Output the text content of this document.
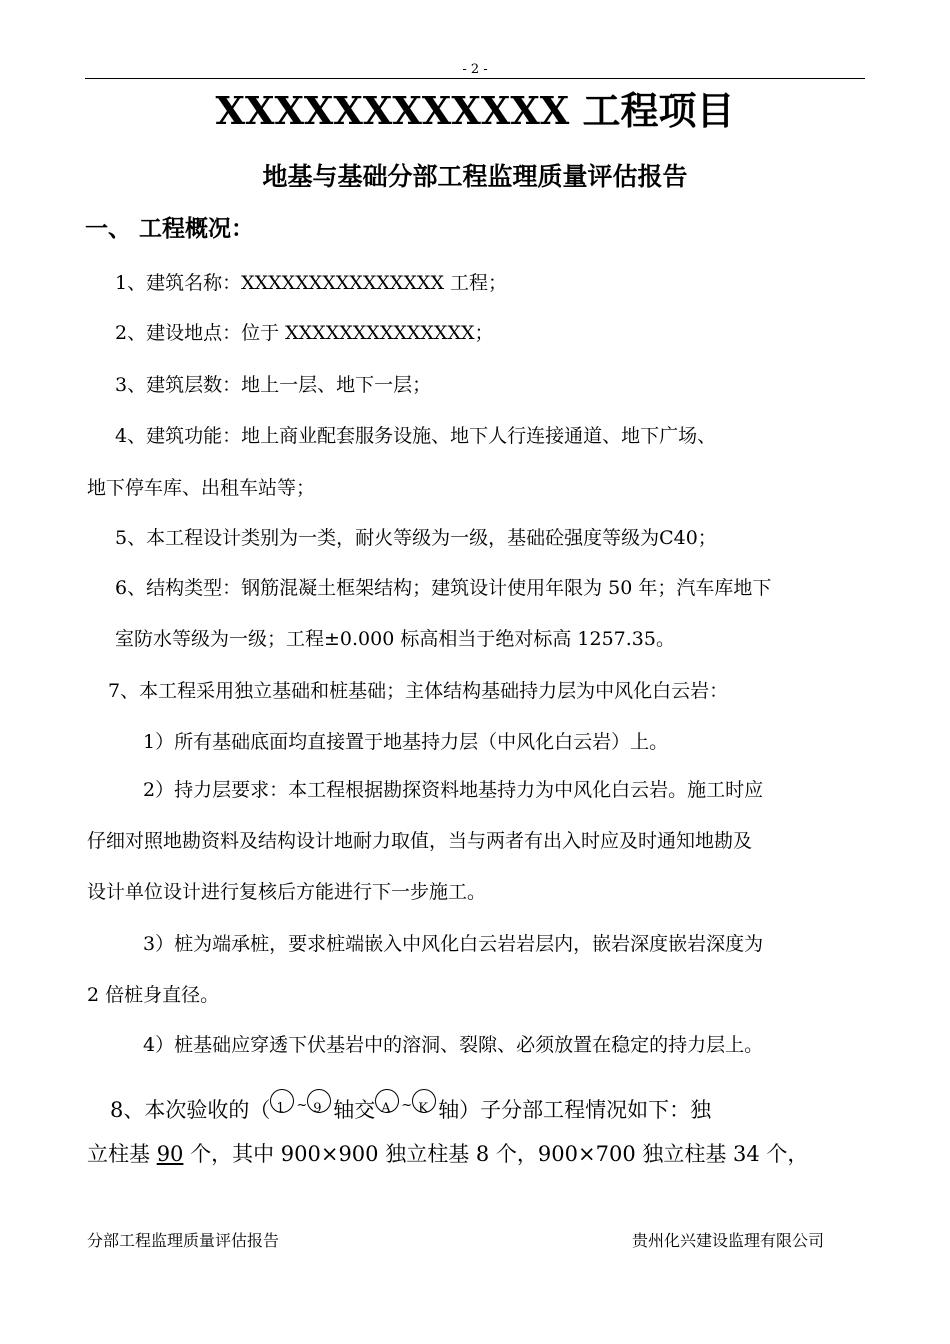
- 2 -
XXXXXXXXXXXX 工程项目
地基与基础分部工程监理质量评估报告
一、 工程概况：
1、建筑名称：XXXXXXXXXXXXXXX 工程；
2、建设地点：位于 XXXXXXXXXXXXXX；
3、建筑层数：地上一层、地下一层；
4、建筑功能：地上商业配套服务设施、地下人行连接通道、地下广场、
地下停车库、出租车站等；
5、本工程设计类别为一类，耐火等级为一级，基础砼强度等级为C40；
6、结构类型：钢筋混凝土框架结构；建筑设计使用年限为 50 年；汽车库地下
室防水等级为一级；工程±0.000 标高相当于绝对标高 1257.35。
7、本工程采用独立基础和桩基础；主体结构基础持力层为中风化白云岩：
1）所有基础底面均直接置于地基持力层（中风化白云岩）上。
2）持力层要求：本工程根据勘探资料地基持力为中风化白云岩。施工时应
仔细对照地勘资料及结构设计地耐力取值，当与两者有出入时应及时通知地勘及
设计单位设计进行复核后方能进行下一步施工。
3）桩为端承桩，要求桩端嵌入中风化白云岩岩层内，嵌岩深度嵌岩深度为
2 倍桩身直径。
4）桩基础应穿透下伏基岩中的溶洞、裂隙、必须放置在稳定的持力层上。
8、本次验收的（ 1 ~ 9 轴交 A ~ K 轴）子分部工程情况如下：独
立柱基 90 个，其中 900×900 独立柱基 8 个，900×700 独立柱基 34 个，
分部工程监理质量评估报告	贵州化兴建设监理有限公司
